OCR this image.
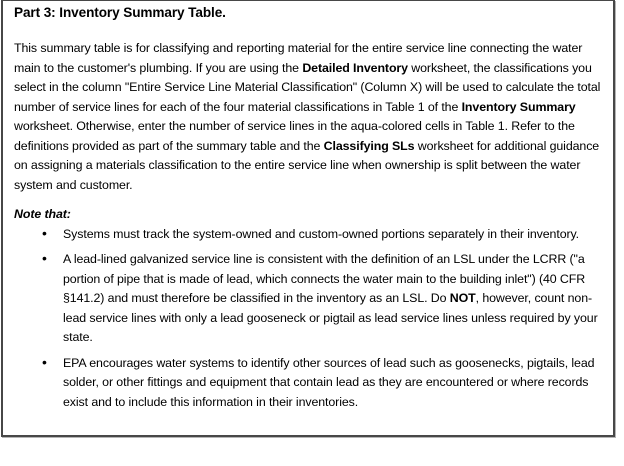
Part 3: Inventory Summary Table.

This summary table is for classifying and reporting material for the entire service line connecting the water main to the customer's plumbing. If you are using the Detailed Inventory worksheet, the classifications you select in the column "Entire Service Line Material Classification" (Column X) will be used to calculate the total number of service lines for each of the four material classifications in Table 1 of the Inventory Summary worksheet. Otherwise, enter the number of service lines in the aqua-colored cells in Table 1. Refer to the definitions provided as part of the summary table and the Classifying SLs worksheet for additional guidance on assigning a materials classification to the entire service line when ownership is split between the water system and customer.

Note that:
• Systems must track the system-owned and custom-owned portions separately in their inventory.
• A lead-lined galvanized service line is consistent with the definition of an LSL under the LCRR ("a portion of pipe that is made of lead, which connects the water main to the building inlet") (40 CFR §141.2) and must therefore be classified in the inventory as an LSL. Do NOT, however, count non-lead service lines with only a lead gooseneck or pigtail as lead service lines unless required by your state.
• EPA encourages water systems to identify other sources of lead such as goosenecks, pigtails, lead solder, or other fittings and equipment that contain lead as they are encountered or where records exist and to include this information in their inventories.
